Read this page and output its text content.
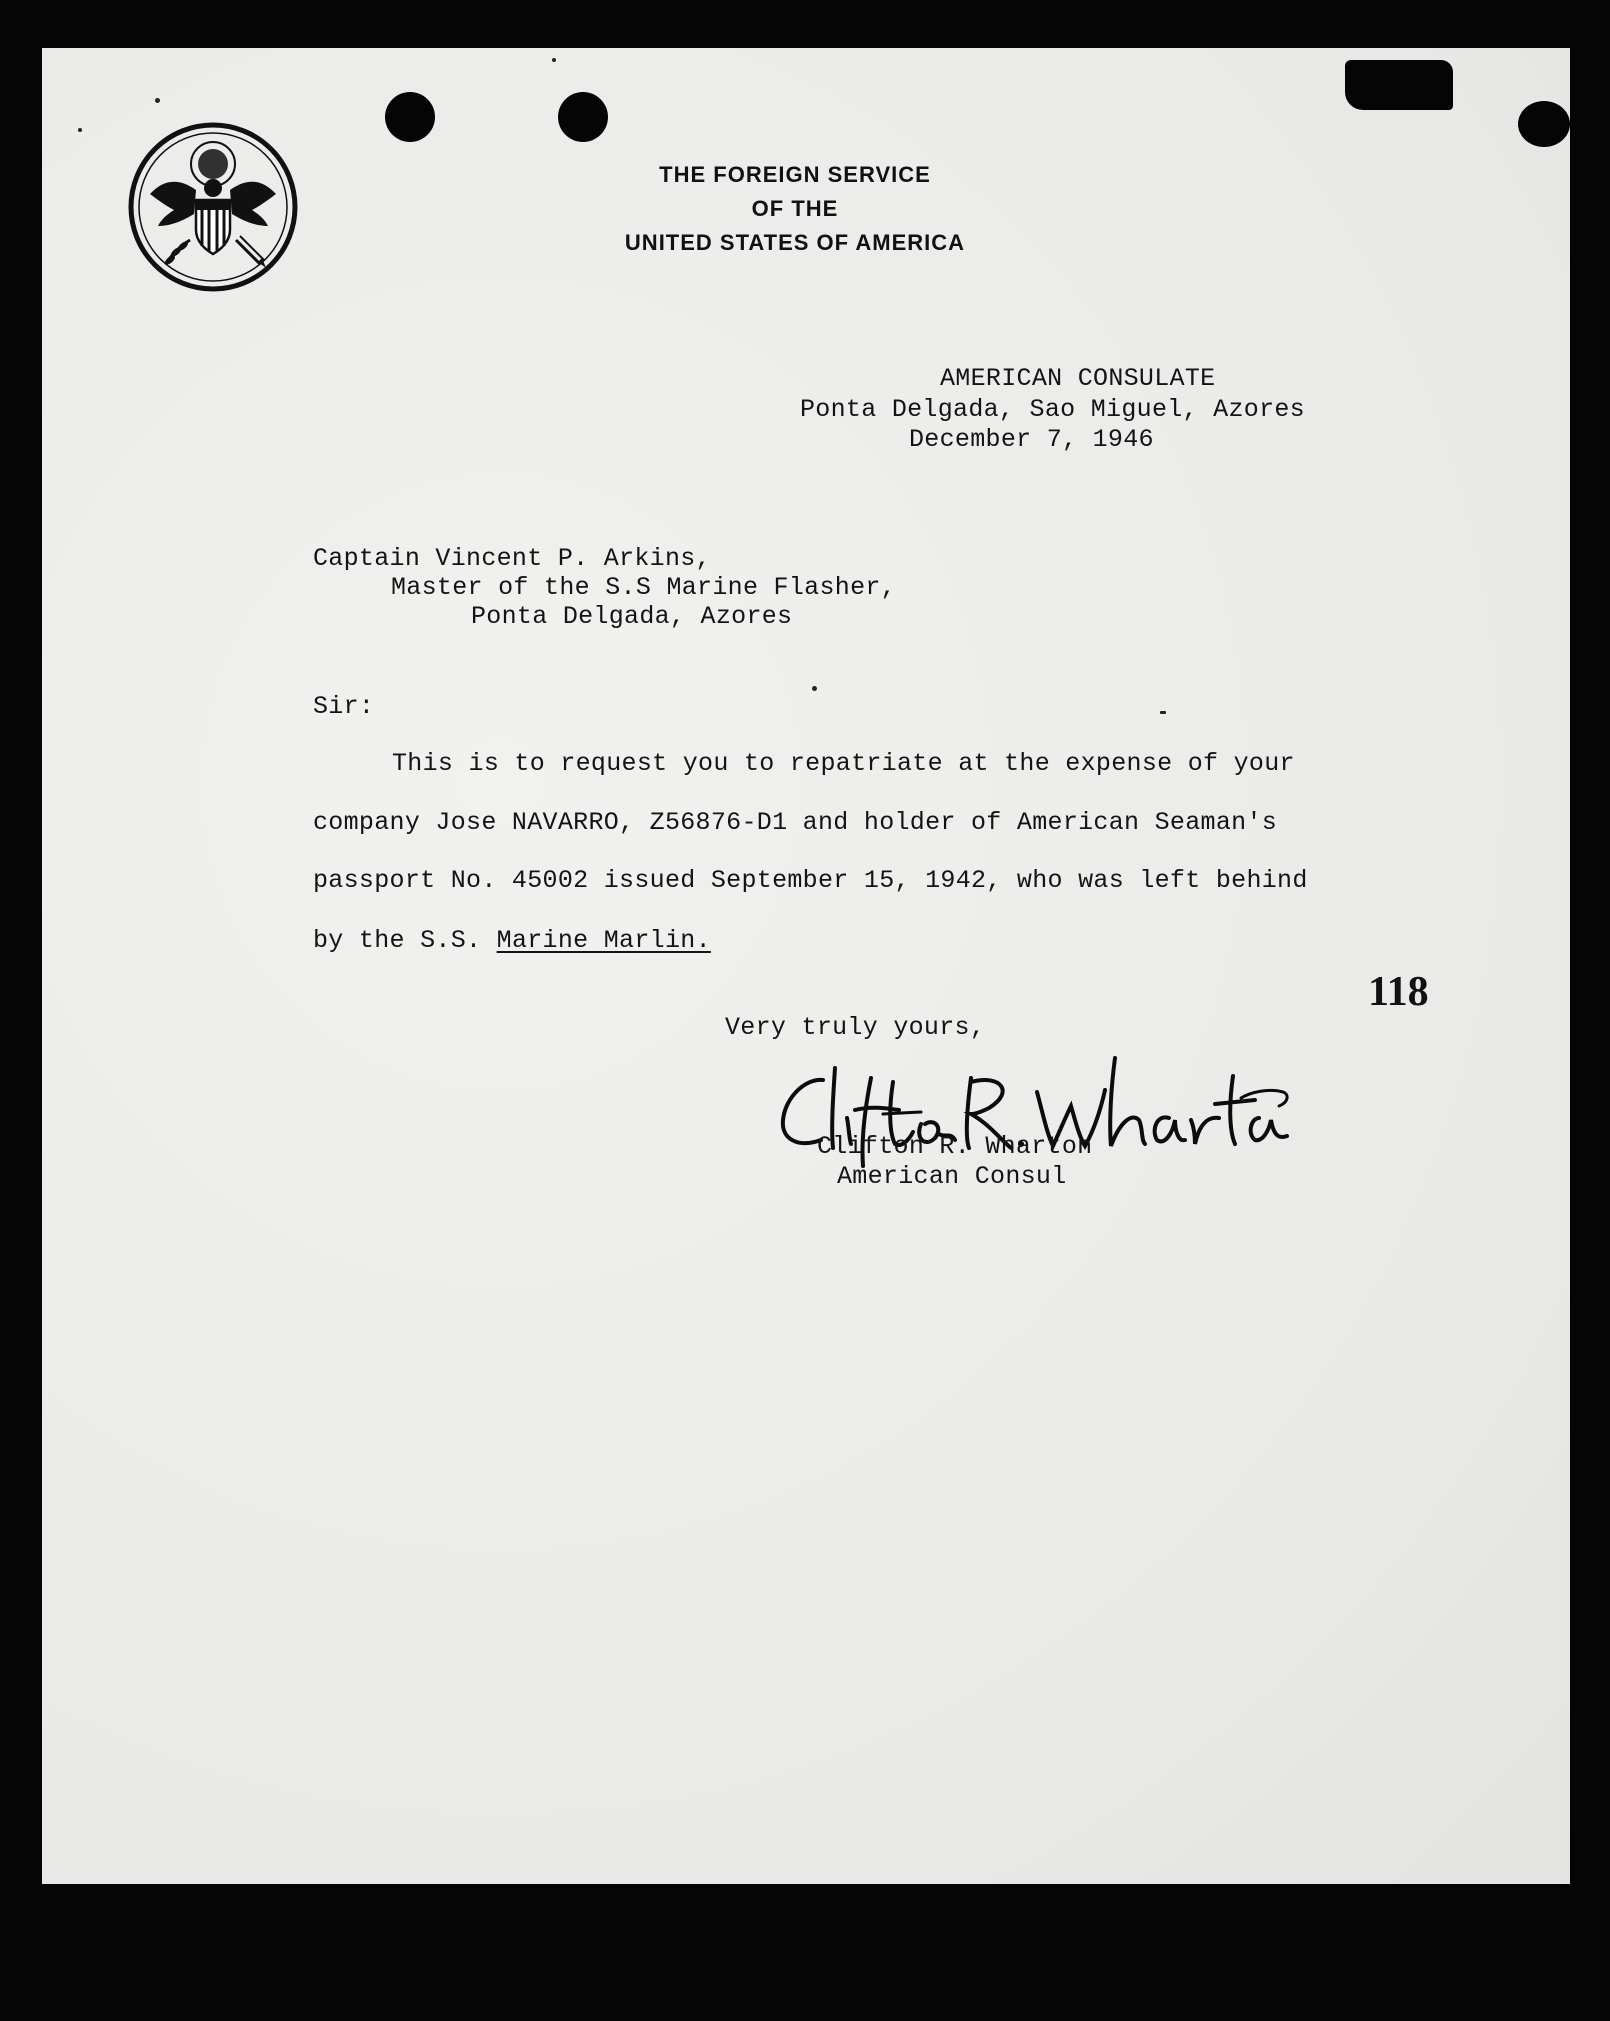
THE FOREIGN SERVICE
OF THE
UNITED STATES OF AMERICA
AMERICAN CONSULATE
Ponta Delgada, Sao Miguel, Azores
December 7, 1946
Captain Vincent P. Arkins,
Master of the S.S Marine Flasher,
Ponta Delgada, Azores
Sir:
This is to request you to repatriate at the expense of your
company Jose NAVARRO, Z56876-D1 and holder of American Seaman's
passport No. 45002 issued September 15, 1942, who was left behind
by the S.S. Marine Marlin.
118
Very truly yours,
Clifton R. Wharton
American Consul
